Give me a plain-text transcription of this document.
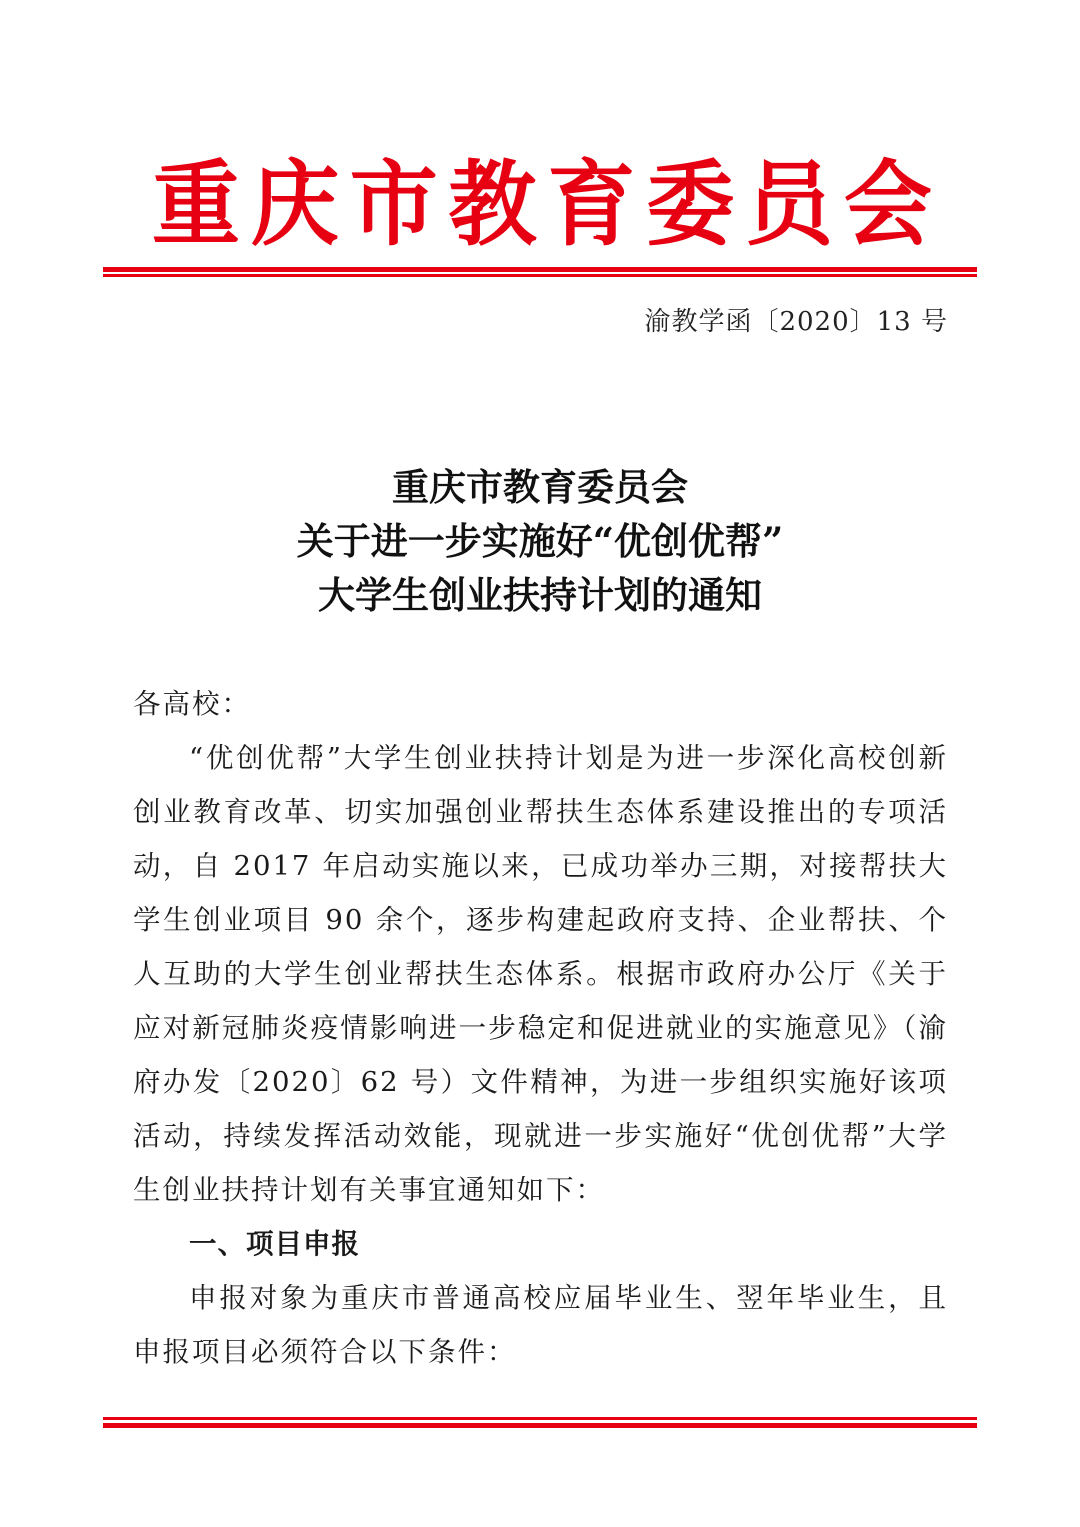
重 庆 市 教 育 委 员 会
渝教学函〔2020〕13 号
重庆市教育委员会
关于进一步实施好“优创优帮”
大学生创业扶持计划的通知

各高校：

“优创优帮”大学生创业扶持计划是为进一步深化高校创新创业教育改革、切实加强创业帮扶生态体系建设推出的专项活动，自 2017 年启动实施以来，已成功举办三期，对接帮扶大学生创业项目 90 余个，逐步构建起政府支持、企业帮扶、个人互助的大学生创业帮扶生态体系。根据市政府办公厅《关于应对新冠肺炎疫情影响进一步稳定和促进就业的实施意见》（渝府办发〔2020〕62 号）文件精神，为进一步组织实施好该项活动，持续发挥活动效能，现就进一步实施好“优创优帮”大学生创业扶持计划有关事宜通知如下：

一、项目申报

申报对象为重庆市普通高校应届毕业生、翌年毕业生，且申报项目必须符合以下条件：
